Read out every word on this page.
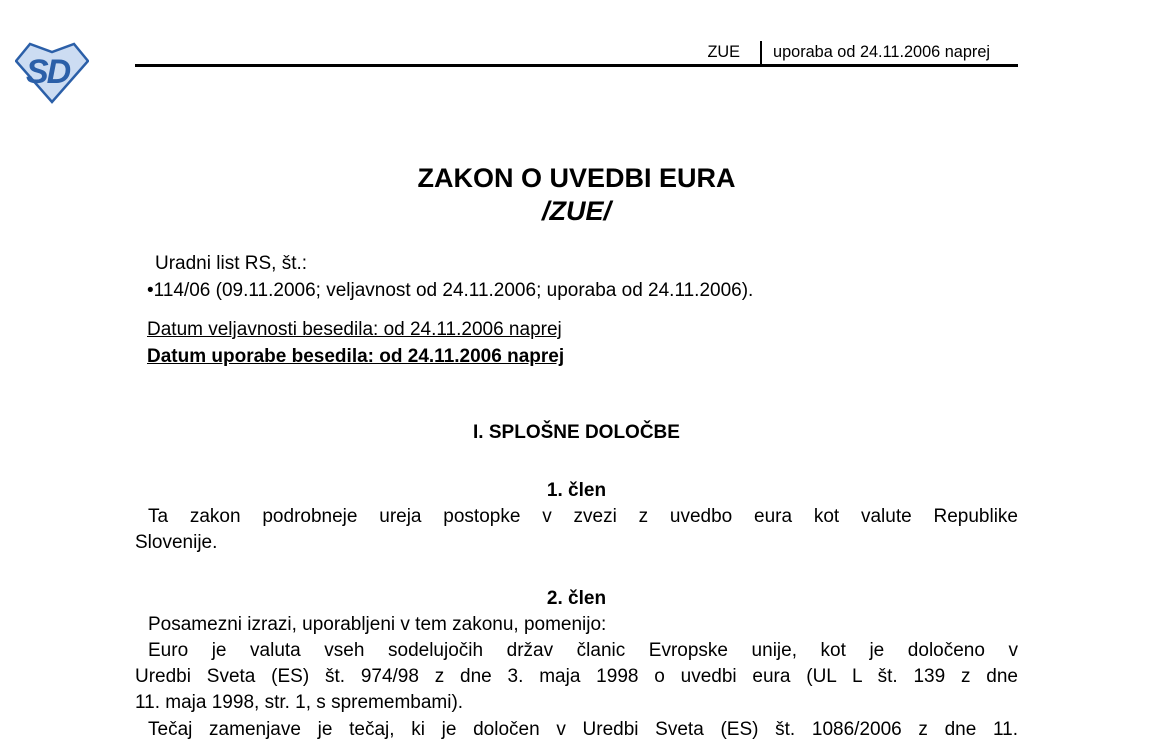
SD
ZUE uporaba od 24.11.2006 naprej
ZAKON O UVEDBI EURA
/ZUE/
Uradni list RS, št.:
•114/06 (09.11.2006; veljavnost od 24.11.2006; uporaba od 24.11.2006).
Datum veljavnosti besedila: od 24.11.2006 naprej
Datum uporabe besedila: od 24.11.2006 naprej
I. SPLOŠNE DOLOČBE
1. člen
Ta zakon podrobneje ureja postopke v zvezi z uvedbo eura kot valute Republike
Slovenije.
2. člen
Posamezni izrazi, uporabljeni v tem zakonu, pomenijo:
Euro je valuta vseh sodelujočih držav članic Evropske unije, kot je določeno v
Uredbi Sveta (ES) št. 974/98 z dne 3. maja 1998 o uvedbi eura (UL L št. 139 z dne
11. maja 1998, str. 1, s spremembami).
Tečaj zamenjave je tečaj, ki je določen v Uredbi Sveta (ES) št. 1086/2006 z dne 11.
